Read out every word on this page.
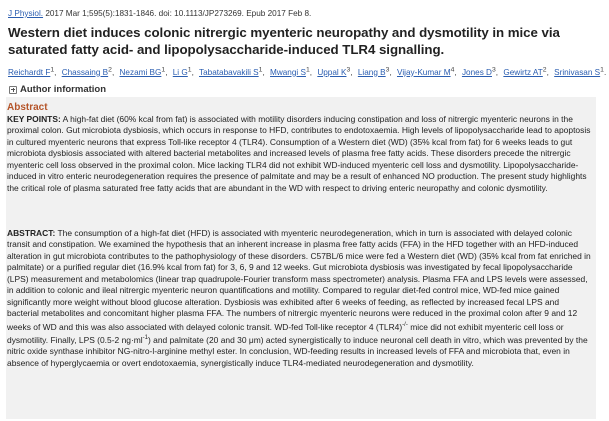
J Physiol. 2017 Mar 1;595(5):1831-1846. doi: 10.1113/JP273269. Epub 2017 Feb 8.
Western diet induces colonic nitrergic myenteric neuropathy and dysmotility in mice via saturated fatty acid- and lipopolysaccharide-induced TLR4 signalling.
Reichardt $F^1$, Chassaing $B^2$, Nezami $BG^1$, Li $G^1$, Tabatabavakili $S^1$, Mwangi $S^1$, Uppal $K^3$, Liang $B^3$, Vijay-Kumar $M^4$, Jones $D^3$, Gewirtz $AT^2$, Srinivasan $S^1$.
Author information
Abstract
KEY POINTS: A high-fat diet (60% kcal from fat) is associated with motility disorders inducing constipation and loss of nitrergic myenteric neurons in the proximal colon. Gut microbiota dysbiosis, which occurs in response to HFD, contributes to endotoxaemia. High levels of lipopolysaccharide lead to apoptosis in cultured myenteric neurons that express Toll-like receptor 4 (TLR4). Consumption of a Western diet (WD) (35% kcal from fat) for 6 weeks leads to gut microbiota dysbiosis associated with altered bacterial metabolites and increased levels of plasma free fatty acids. These disorders precede the nitrergic myenteric cell loss observed in the proximal colon. Mice lacking TLR4 did not exhibit WD-induced myenteric cell loss and dysmotility. Lipopolysaccharide-induced in vitro enteric neurodegeneration requires the presence of palmitate and may be a result of enhanced NO production. The present study highlights the critical role of plasma saturated free fatty acids that are abundant in the WD with respect to driving enteric neuropathy and colonic dysmotility.
ABSTRACT: The consumption of a high-fat diet (HFD) is associated with myenteric neurodegeneration, which in turn is associated with delayed colonic transit and constipation. We examined the hypothesis that an inherent increase in plasma free fatty acids (FFA) in the HFD together with an HFD-induced alteration in gut microbiota contributes to the pathophysiology of these disorders. C57BL/6 mice were fed a Western diet (WD) (35% kcal from fat enriched in palmitate) or a purified regular diet (16.9% kcal from fat) for 3, 6, 9 and 12 weeks. Gut microbiota dysbiosis was investigated by fecal lipopolysaccharide (LPS) measurement and metabolomics (linear trap quadrupole-Fourier transform mass spectrometer) analysis. Plasma FFA and LPS levels were assessed, in addition to colonic and ileal nitrergic myenteric neuron quantifications and motility. Compared to regular diet-fed control mice, WD-fed mice gained significantly more weight without blood glucose alteration. Dysbiosis was exhibited after 6 weeks of feeding, as reflected by increased fecal LPS and bacterial metabolites and concomitant higher plasma FFA. The numbers of nitrergic myenteric neurons were reduced in the proximal colon after 9 and 12 weeks of WD and this was also associated with delayed colonic transit. WD-fed Toll-like receptor 4 (TLR4)-/- mice did not exhibit myenteric cell loss or dysmotility. Finally, LPS (0.5-2 $ng\cdot ml^{-1}$) and palmitate (20 and 30 μm) acted synergistically to induce neuronal cell death in vitro, which was prevented by the nitric oxide synthase inhibitor NG-nitro-l-arginine methyl ester. In conclusion, WD-feeding results in increased levels of FFA and microbiota that, even in absence of hyperglycaemia or overt endotoxaemia, synergistically induce TLR4-mediated neurodegeneration and dysmotility.
